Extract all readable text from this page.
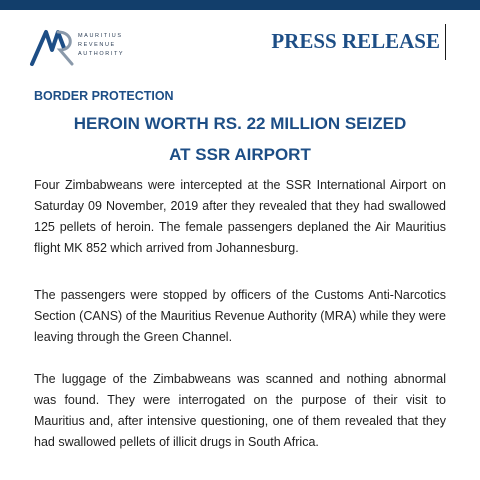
MAURITIUS
REVENUE
AUTHORITY
PRESS RELEASE
BORDER PROTECTION
HEROIN WORTH RS. 22 MILLION SEIZED
AT SSR AIRPORT
Four Zimbabweans were intercepted at the SSR International Airport on Saturday 09 November, 2019 after they revealed that they had swallowed 125 pellets of heroin. The female passengers deplaned the Air Mauritius flight MK 852 which arrived from Johannesburg.
The passengers were stopped by officers of the Customs Anti-Narcotics Section (CANS) of the Mauritius Revenue Authority (MRA) while they were leaving through the Green Channel.
The luggage of the Zimbabweans was scanned and nothing abnormal was found. They were interrogated on the purpose of their visit to Mauritius and, after intensive questioning, one of them revealed that they had swallowed pellets of illicit drugs in South Africa.
